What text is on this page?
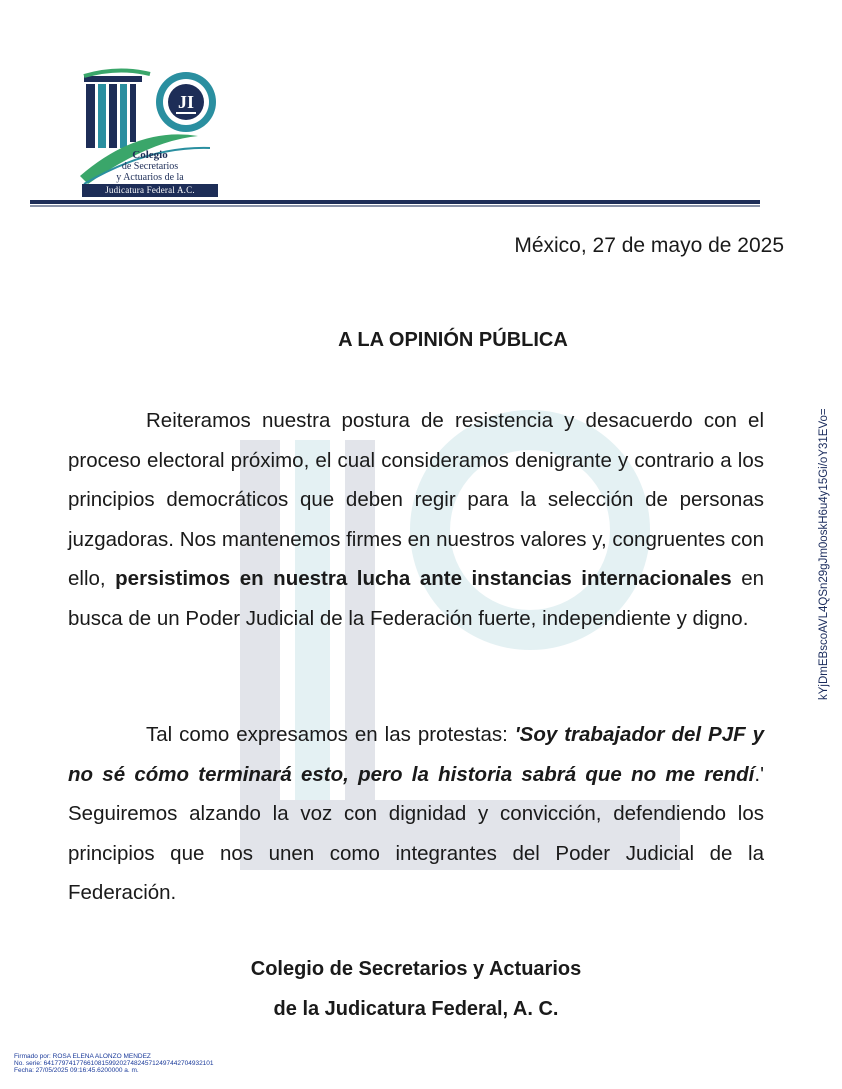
JI
Colegio
de Secretarios
y Actuarios de la
Judicatura Federal A.C.
México, 27 de mayo de 2025
A LA OPINIÓN PÚBLICA
Reiteramos nuestra postura de resistencia y desacuerdo con el proceso electoral próximo, el cual consideramos denigrante y contrario a los principios democráticos que deben regir para la selección de personas juzgadoras. Nos mantenemos firmes en nuestros valores y, congruentes con ello, persistimos en nuestra lucha ante instancias internacionales en busca de un Poder Judicial de la Federación fuerte, independiente y digno.
Tal como expresamos en las protestas: 'Soy trabajador del PJF y no sé cómo terminará esto, pero la historia sabrá que no me rendí.' Seguiremos alzando la voz con dignidad y convicción, defendiendo los principios que nos unen como integrantes del Poder Judicial de la Federación.
Colegio de Secretarios y Actuarios
de la Judicatura Federal, A. C.
kYjDmEBscoAVL4QSn29gJm0oskH6u4y15Gi/oY31EVo=
Firmado por: ROSA ELENA ALONZO MENDEZ
No. serie: 64177974177661081599202748245712497442704932101
Fecha: 27/05/2025 09:16:45.6200000 a. m.
